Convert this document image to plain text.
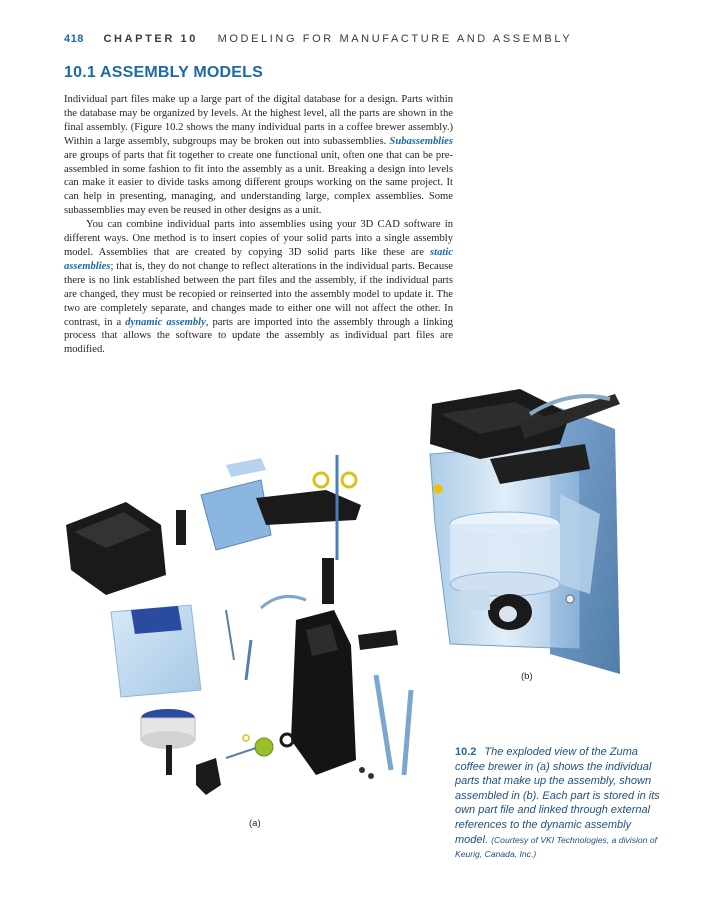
418 CHAPTER 10 MODELING FOR MANUFACTURE AND ASSEMBLY
10.1 ASSEMBLY MODELS

Individual part files make up a large part of the digital database for a design. Parts within the database may be organized by levels. At the highest level, all the parts are shown in the final assembly. (Figure 10.2 shows the many individual parts in a coffee brewer assembly.) Within a large assembly, subgroups may be broken out into subassemblies. Subassemblies are groups of parts that fit together to create one functional unit, often one that can be pre-assembled in some fashion to fit into the assembly as a unit. Breaking a design into levels can make it easier to divide tasks among different groups working on the same project. It can help in presenting, managing, and understanding large, complex assemblies. Some subassemblies may even be reused in other designs as a unit.

You can combine individual parts into assemblies using your 3D CAD software in different ways. One method is to insert copies of your solid parts into a single assembly model. Assemblies that are created by copying 3D solid parts like these are static assemblies; that is, they do not change to reflect alterations in the individual parts. Because there is no link established between the part files and the assembly, if the individual parts are changed, they must be recopied or reinserted into the assembly model to update it. The two are completely separate, and changes made to either one will not affect the other. In contrast, in a dynamic assembly, parts are imported into the assembly through a linking process that allows the software to update the assembly as individual part files are modified.

(b)
(a)
10.2 The exploded view of the Zuma coffee brewer in (a) shows the individual parts that make up the assembly, shown assembled in (b). Each part is stored in its own part file and linked through external references to the dynamic assembly model. (Courtesy of VKI Technologies, a division of Keurig, Canada, Inc.)
